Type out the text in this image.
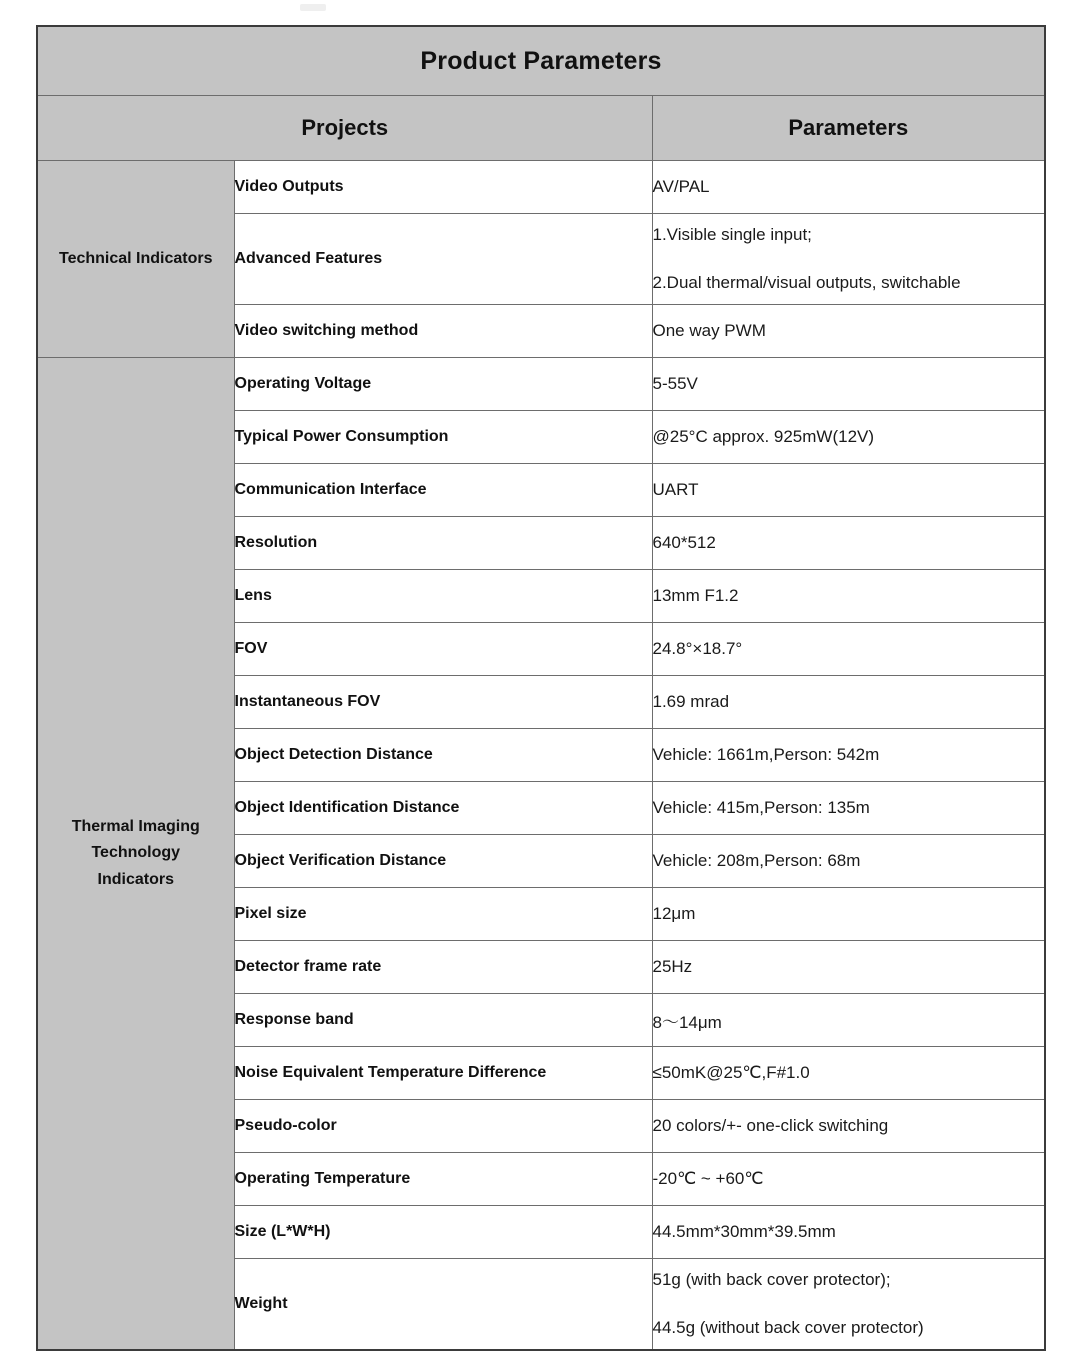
Product Parameters		
Projects		Parameters
Technical Indicators	Video Outputs	AV/PAL

	Advanced Features	1.Visible single input;
2.Dual thermal/visual outputs, switchable

	Video switching method	One way PWM

Thermal Imaging
Technology
Indicators	Operating Voltage	5-55V

	Typical Power Consumption	@25°C approx. 925mW(12V)

	Communication Interface	UART

	Resolution	640*512

	Lens	13mm F1.2

	FOV	24.8°×18.7°

	Instantaneous FOV	1.69 mrad

	Object Detection Distance	Vehicle: 1661m,Person: 542m

	Object Identification Distance	Vehicle: 415m,Person: 135m

	Object Verification Distance	Vehicle: 208m,Person: 68m

	Pixel size	12μm

	Detector frame rate	25Hz

	Response band	8～14μm

	Noise Equivalent Temperature Difference	≤50mK@25℃,F#1.0

	Pseudo-color	20 colors/+- one-click switching

	Operating Temperature	-20℃ ~ +60℃

	Size (L*W*H)	44.5mm*30mm*39.5mm

	Weight	51g (with back cover protector);
44.5g (without back cover protector)
